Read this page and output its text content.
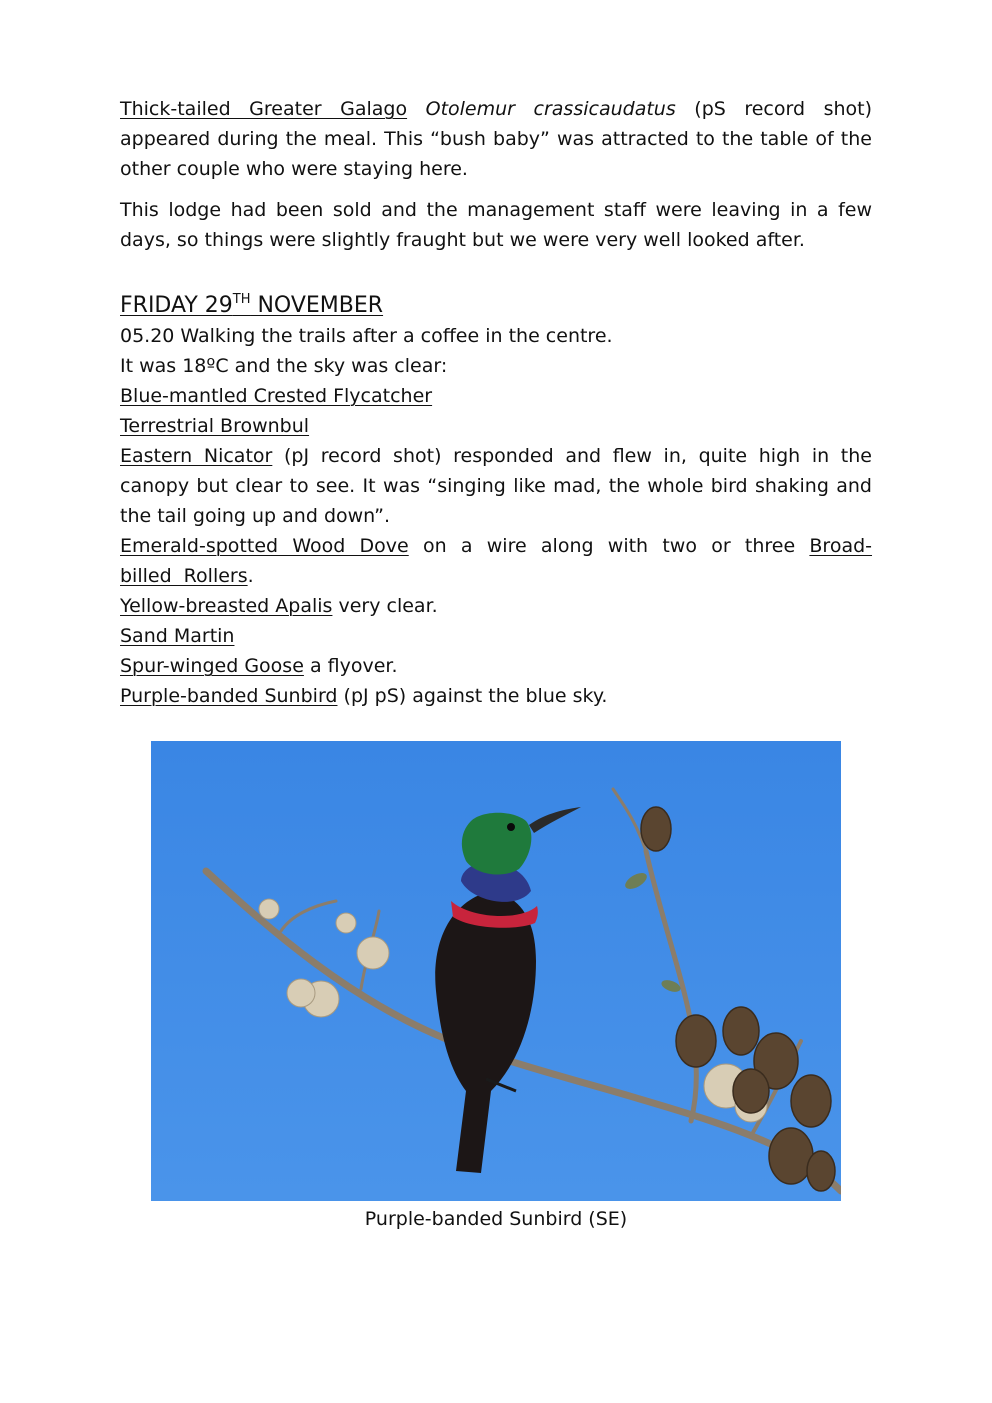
Thick-tailed Greater Galago Otolemur crassicaudatus (pS record shot) appeared during the meal. This “bush baby” was attracted to the table of the other couple who were staying here.

This lodge had been sold and the management staff were leaving in a few days, so things were slightly fraught but we were very well looked after.

FRIDAY 29TH NOVEMBER

05.20 Walking the trails after a coffee in the centre.

It was 18ºC and the sky was clear:

Blue-mantled Crested Flycatcher

Terrestrial Brownbul

Eastern Nicator (pJ record shot) responded and flew in, quite high in the canopy but clear to see. It was “singing like mad, the whole bird shaking and the tail going up and down”.

Emerald-spotted Wood Dove on a wire along with two or three Broad-billed Rollers.

Yellow-breasted Apalis very clear.

Sand Martin

Spur-winged Goose a flyover.

Purple-banded Sunbird (pJ pS) against the blue sky.

Purple-banded Sunbird (SE)
